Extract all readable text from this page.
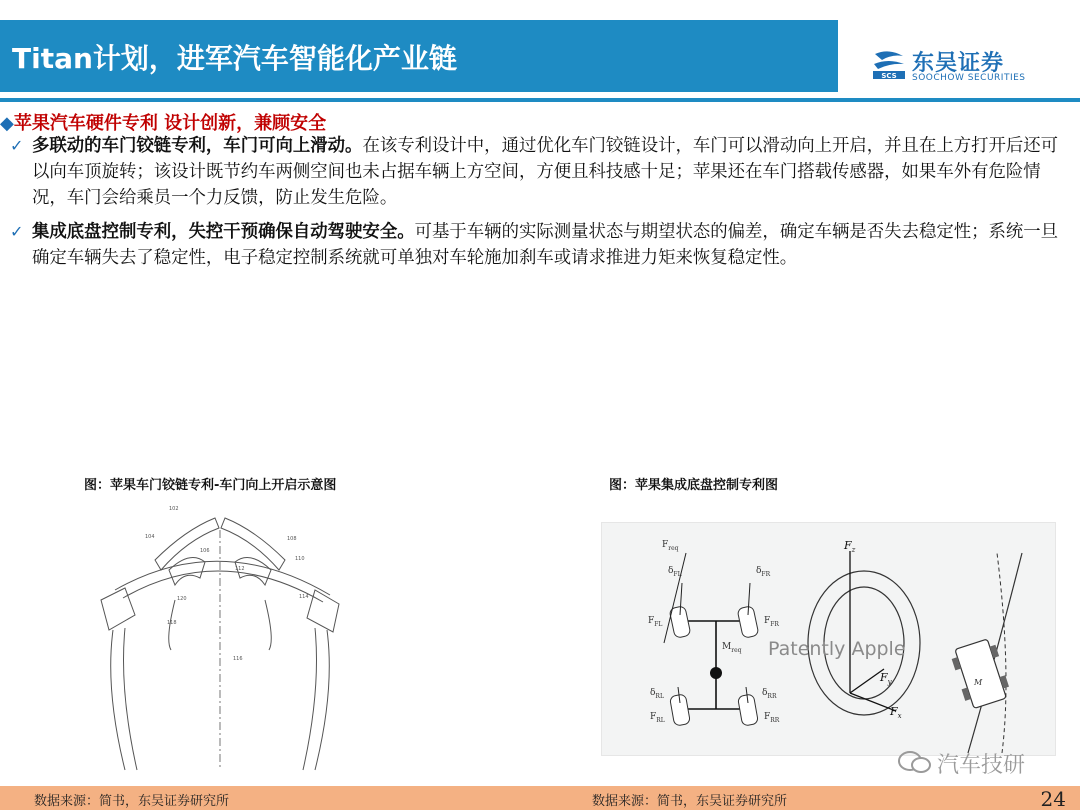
Titan计划，进军汽车智能化产业链
SCS 东吴证券
SOOCHOW SECURITIES
◆苹果汽车硬件专利 设计创新，兼顾安全
✓ 多联动的车门铰链专利，车门可向上滑动。在该专利设计中，通过优化车门铰链设计，车门可以滑动向上开启，并且在上方打开后还可以向车顶旋转；该设计既节约车两侧空间也未占据车辆上方空间，方便且科技感十足；苹果还在车门搭载传感器，如果车外有危险情况，车门会给乘员一个力反馈，防止发生危险。
✓ 集成底盘控制专利，失控干预确保自动驾驶安全。可基于车辆的实际测量状态与期望状态的偏差，确定车辆是否失去稳定性；系统一旦确定车辆失去了稳定性，电子稳定控制系统就可单独对车轮施加刹车或请求推进力矩来恢复稳定性。
图：苹果车门铰链专利-车门向上开启示意图	图：苹果集成底盘控制专利图
102
104
106
108
110
112
114
120
118
116
$F_{req}$
$\delta_{FL}$	$\delta_{FR}$
$F_{FL}$	$F_{FR}$
$M_{req}$
$\delta_{RL}$	$\delta_{RR}$
$F_{RL}$	$F_{RR}$
$F_z$
$F_y$
$F_x$
Patently Apple
M
汽车技研
数据来源：简书，东吴证券研究所	数据来源：简书，东吴证券研究所	24
